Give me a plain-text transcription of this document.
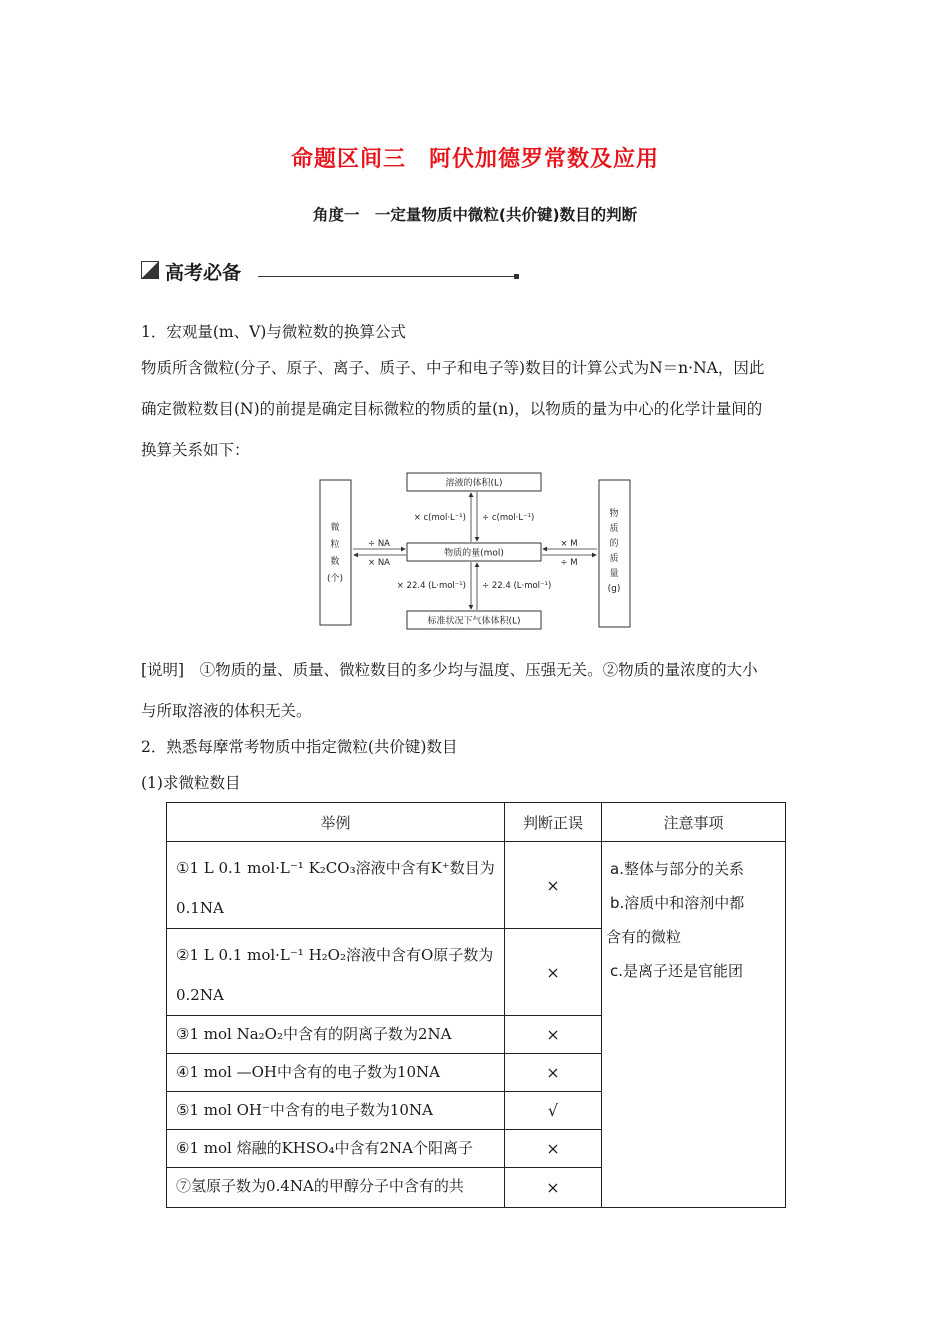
命题区间三　阿伏加德罗常数及应用
角度一　一定量物质中微粒(共价键)数目的判断
高考必备
1．宏观量(m、V)与微粒数的换算公式
物质所含微粒(分子、原子、离子、质子、中子和电子等)数目的计算公式为N＝n·NA，因此
确定微粒数目(N)的前提是确定目标微粒的物质的量(n)，以物质的量为中心的化学计量间的
换算关系如下：
溶液的体积(L)
物质的量(mol)
标准状况下气体体积(L)
微
粒
数
(个)
物
质
的
质
量
(g)
× c(mol·L⁻¹) ÷ c(mol·L⁻¹)
÷ NA
× NA
× M
÷ M
× 22.4 (L·mol⁻¹) ÷ 22.4 (L·mol⁻¹)
[说明]　①物质的量、质量、微粒数目的多少均与温度、压强无关。②物质的量浓度的大小
与所取溶液的体积无关。
2．熟悉每摩常考物质中指定微粒(共价键)数目
(1)求微粒数目
举例	判断正误	注意事项
①1 L 0.1 mol·L⁻¹ K₂CO₃溶液中含有K⁺数目为0.1NA	×	a.整体与部分的关系
b.溶质中和溶剂中都
含有的微粒
c.是离子还是官能团

②1 L 0.1 mol·L⁻¹ H₂O₂溶液中含有O原子数为0.2NA	×	
③1 mol Na₂O₂中含有的阴离子数为2NA	×	
④1 mol —OH中含有的电子数为10NA	×	
⑤1 mol OH⁻中含有的电子数为10NA	√	
⑥1 mol 熔融的KHSO₄中含有2NA个阳离子	×	
⑦氢原子数为0.4NA的甲醇分子中含有的共	×	
